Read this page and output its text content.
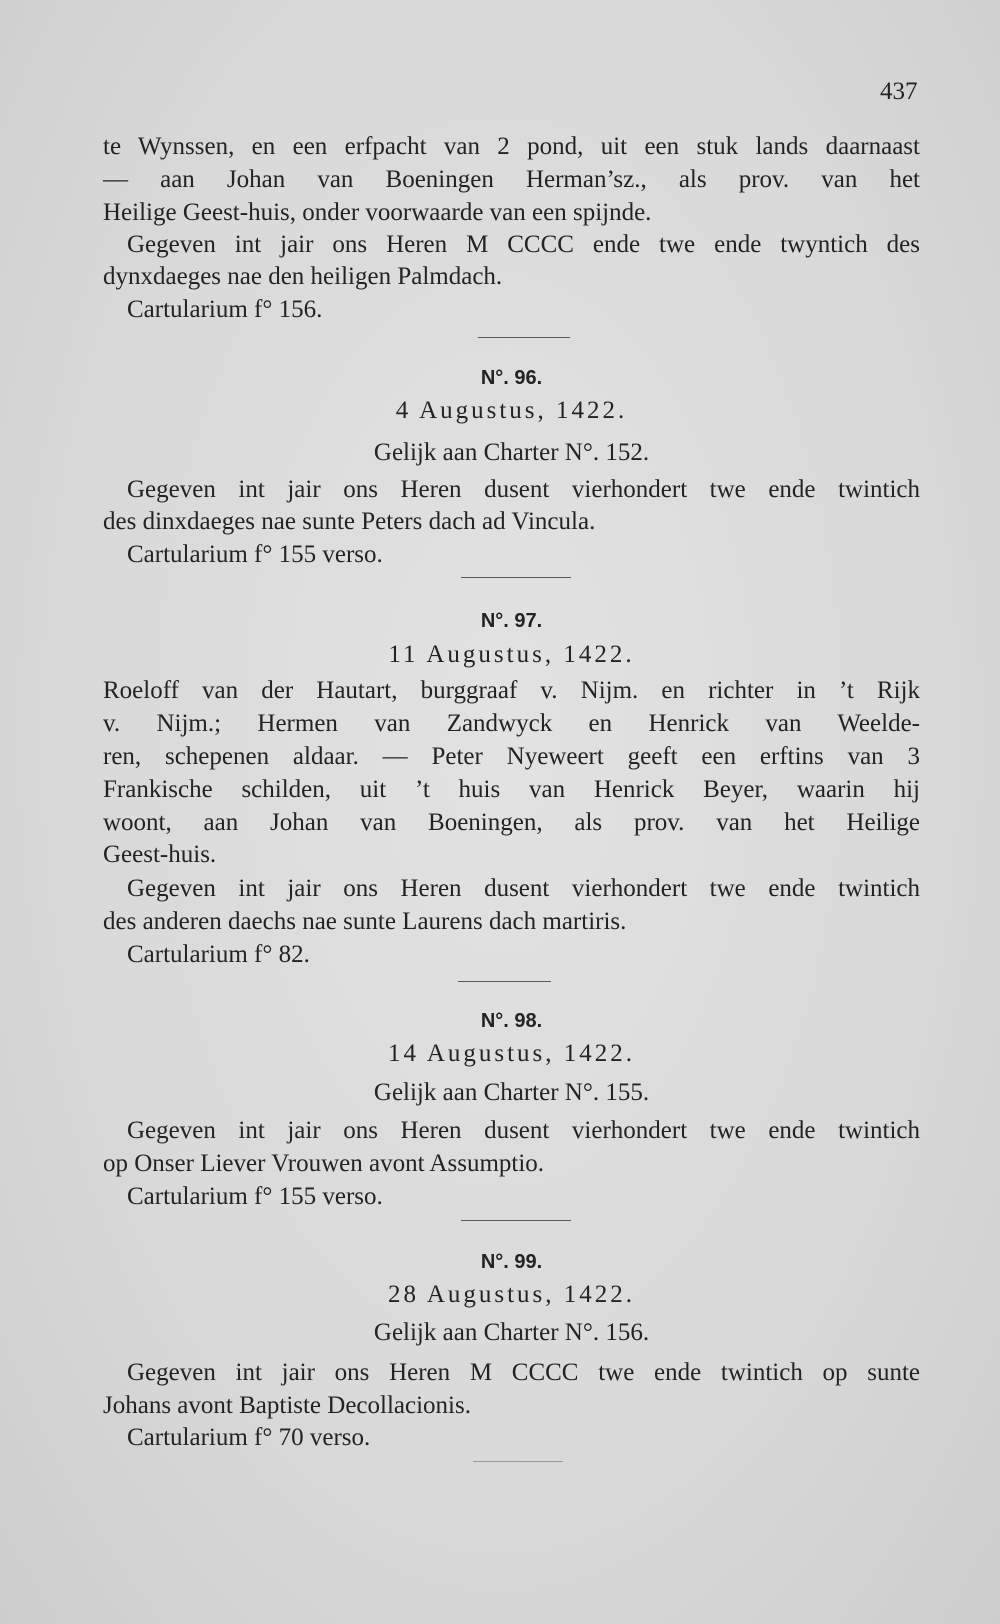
437
te Wynssen, en een erfpacht van 2 pond, uit een stuk lands daarnaast
— aan Johan van Boeningen Herman’sz., als prov. van het
Heilige Geest-huis, onder voorwaarde van een spijnde.
Gegeven int jair ons Heren M CCCC ende twe ende twyntich des
dynxdaeges nae den heiligen Palmdach.
Cartularium f° 156.
N°. 96.
4 Augustus, 1422.
Gelijk aan Charter N°. 152.
Gegeven int jair ons Heren dusent vierhondert twe ende twintich
des dinxdaeges nae sunte Peters dach ad Vincula.
Cartularium f° 155 verso.
N°. 97.
11 Augustus, 1422.
Roeloff van der Hautart, burggraaf v. Nijm. en richter in ’t Rijk
v. Nijm.; Hermen van Zandwyck en Henrick van Weelde-
ren, schepenen aldaar. — Peter Nyeweert geeft een erftins van 3
Frankische schilden, uit ’t huis van Henrick Beyer, waarin hij
woont, aan Johan van Boeningen, als prov. van het Heilige
Geest-huis.
Gegeven int jair ons Heren dusent vierhondert twe ende twintich
des anderen daechs nae sunte Laurens dach martiris.
Cartularium f° 82.
N°. 98.
14 Augustus, 1422.
Gelijk aan Charter N°. 155.
Gegeven int jair ons Heren dusent vierhondert twe ende twintich
op Onser Liever Vrouwen avont Assumptio.
Cartularium f° 155 verso.
N°. 99.
28 Augustus, 1422.
Gelijk aan Charter N°. 156.
Gegeven int jair ons Heren M CCCC twe ende twintich op sunte
Johans avont Baptiste Decollacionis.
Cartularium f° 70 verso.
